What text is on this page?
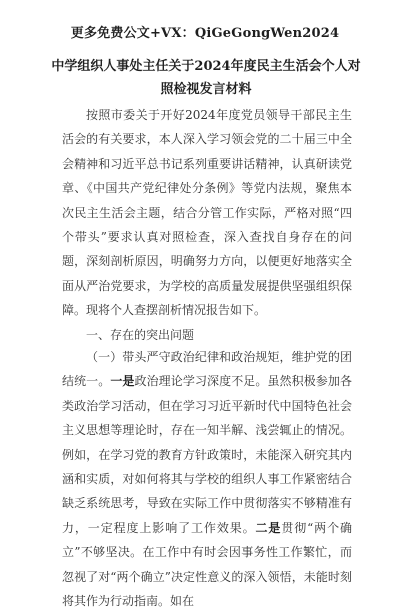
更多免费公文+VX：QiGeGongWen2024
中学组织人事处主任关于2024年度民主生活会个人对照检视发言材料

按照市委关于开好2024年度党员领导干部民主生活会的有关要求，本人深入学习领会党的二十届三中全会精神和习近平总书记系列重要讲话精神，认真研读党章、《中国共产党纪律处分条例》等党内法规，聚焦本次民主生活会主题，结合分管工作实际，严格对照“四个带头”要求认真对照检查，深入查找自身存在的问题，深刻剖析原因，明确努力方向，以便更好地落实全面从严治党要求，为学校的高质量发展提供坚强组织保障。现将个人查摆剖析情况报告如下。

一、存在的突出问题

（一）带头严守政治纪律和政治规矩，维护党的团结统一。一是政治理论学习深度不足。虽然积极参加各类政治学习活动，但在学习习近平新时代中国特色社会主义思想等理论时，存在一知半解、浅尝辄止的情况。例如，在学习党的教育方针政策时，未能深入研究其内涵和实质，对如何将其与学校的组织人事工作紧密结合缺乏系统思考，导致在实际工作中贯彻落实不够精准有力，一定程度上影响了工作效果。二是贯彻“两个确立”不够坚决。在工作中有时会因事务性工作繁忙，而忽视了对“两个确立”决定性意义的深入领悟，未能时刻将其作为行动指南。如在
